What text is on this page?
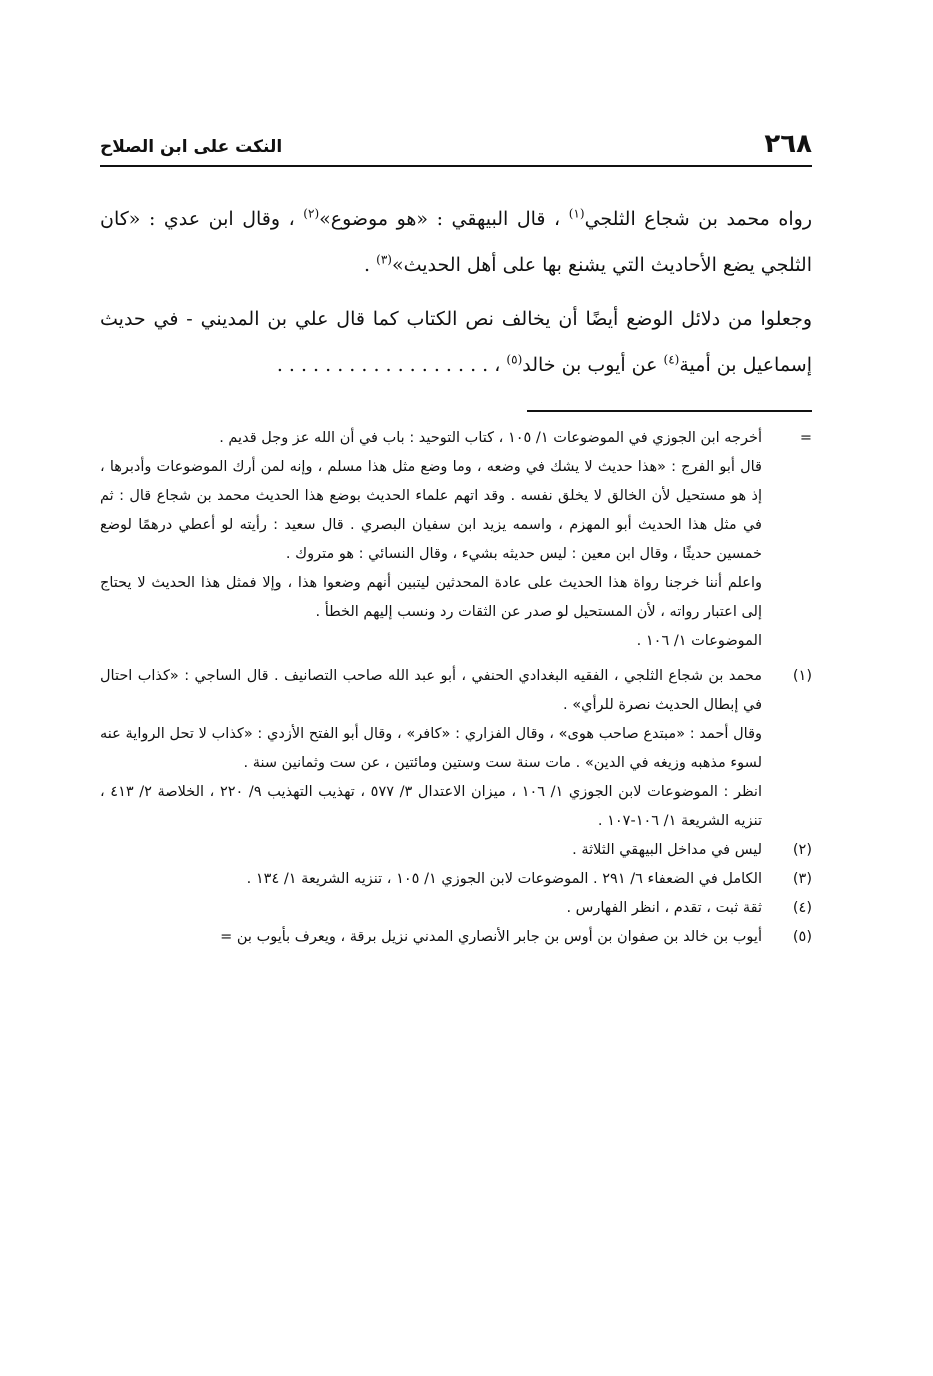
٢٦٨
النكت على ابن الصلاح

رواه محمد بن شجاع الثلجي$^{(١)}$ ، قال البيهقي : «هو موضوع»$^{(٢)}$ ، وقال ابن عدي : «كان الثلجي يضع الأحاديث التي يشنع بها على أهل الحديث»$^{(٣)}$ .

وجعلوا من دلائل الوضع أيضًا أن يخالف نص الكتاب كما قال علي بن المديني - في حديث إسماعيل بن أمية$^{(٤)}$ عن أيوب بن خالد$^{(٥)}$ ، . . . . . . . . . . . . . . . . . .

=

أخرجه ابن الجوزي في الموضوعات ١/ ١٠٥ ، كتاب التوحيد : باب في أن الله عز وجل قديم .

قال أبو الفرج : «هذا حديث لا يشك في وضعه ، وما وضع مثل هذا مسلم ، وإنه لمن أرك الموضوعات وأدبرها ، إذ هو مستحيل لأن الخالق لا يخلق نفسه . وقد اتهم علماء الحديث بوضع هذا الحديث محمد بن شجاع قال : ثم في مثل هذا الحديث أبو المهزم ، واسمه يزيد ابن سفيان البصري . قال سعيد : رأيته لو أعطي درهمًا لوضع خمسين حديثًا ، وقال ابن معين : ليس حديثه بشيء ، وقال النسائي : هو متروك .

واعلم أننا خرجنا رواة هذا الحديث على عادة المحدثين ليتبين أنهم وضعوا هذا ، وإلا فمثل هذا الحديث لا يحتاج إلى اعتبار رواته ، لأن المستحيل لو صدر عن الثقات رد ونسب إليهم الخطأ .

الموضوعات ١/ ١٠٦ .

(١)

محمد بن شجاع الثلجي ، الفقيه البغدادي الحنفي ، أبو عبد الله صاحب التصانيف . قال الساجي : «كذاب احتال في إبطال الحديث نصرة للرأي» .

وقال أحمد : «مبتدع صاحب هوى» ، وقال الفزاري : «كافر» ، وقال أبو الفتح الأزدي : «كذاب لا تحل الرواية عنه لسوء مذهبه وزيغه في الدين» . مات سنة ست وستين ومائتين ، عن ست وثمانين سنة .

انظر : الموضوعات لابن الجوزي ١/ ١٠٦ ، ميزان الاعتدال ٣/ ٥٧٧ ، تهذيب التهذيب ٩/ ٢٢٠ ، الخلاصة ٢/ ٤١٣ ، تنزيه الشريعة ١/ ١٠٦-١٠٧ .

(٢)

ليس في مداخل البيهقي الثلاثة .

(٣)

الكامل في الضعفاء ٦/ ٢٩١ . الموضوعات لابن الجوزي ١/ ١٠٥ ، تنزيه الشريعة ١/ ١٣٤ .

(٤)

ثقة ثبت ، تقدم ، انظر الفهارس .

(٥)

أيوب بن خالد بن صفوان بن أوس بن جابر الأنصاري المدني نزيل برقة ، ويعرف بأيوب بن =
